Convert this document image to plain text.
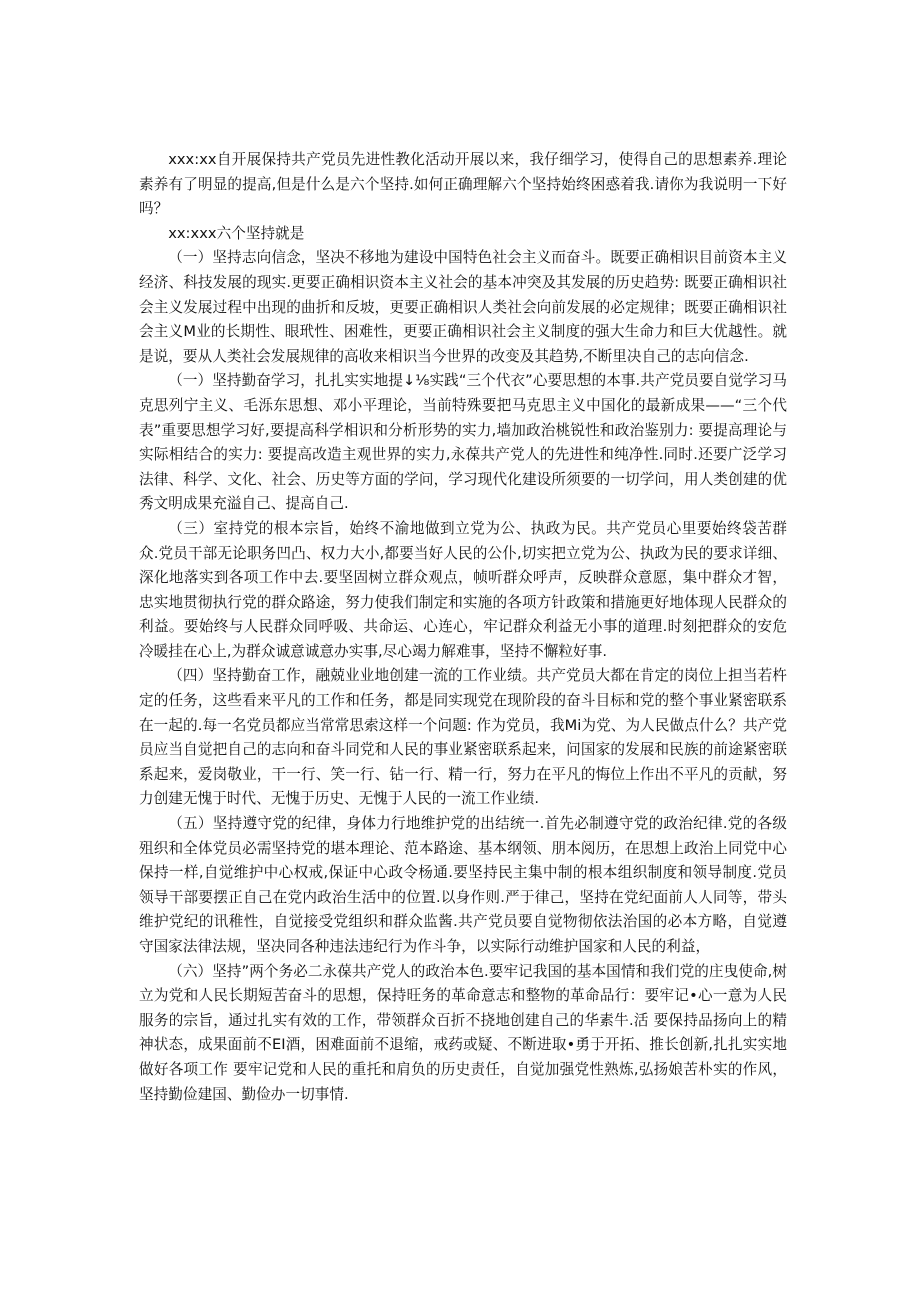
xxx:xx自开展保持共产党员先进性教化活动开展以来，我仔细学习，使得自己的思想素养.理论素养有了明显的提高,但是什么是六个坚持.如何正确理解六个坚持始终困惑着我.请你为我说明一下好吗？

xx:xxx六个坚持就是

（一）坚持志向信念，坚决不移地为建设中国特色社会主义而奋斗。既要正确相识目前资本主义经济、科技发展的现实.更要正确相识资本主义社会的基本冲突及其发展的历史趋势: 既要正确相识社会主义发展过程中出现的曲折和反坡，更要正确相识人类社会向前发展的必定规律；既要正确相识社会主义M业的长期性、眼玳性、困难性，更要正确相识社会主义制度的强大生命力和巨大优越性。就是说，要从人类社会发展规律的高收来相识当今世界的改变及其趋势,不断里决自己的志向信念.

（一）坚持勤奋学习，扎扎实实地提↓⅛实践“三个代衣”心要思想的本事.共产党员要自觉学习马克思列宁主义、毛泺东思想、邓小平理论，当前特殊要把马克思主义中国化的最新成果——“三个代表”重要思想学习好,要提高科学相识和分析形势的实力,墙加政治桃锐性和政治鉴别力: 要提高理论与实际相结合的实力: 要提高改造主观世界的实力,永葆共产党人的先进性和纯净性.同时.还要广泛学习法律、科学、文化、社会、历史等方面的学问，学习现代化建设所须要的一切学问，用人类创建的优秀文明成果充溢自己、提高自己.

（三）室持党的根本宗旨，始终不渝地做到立党为公、执政为民。共产党员心里要始终袋苦群众.党员干部无论职务凹凸、权力大小,都要当好人民的公仆,切实把立党为公、执政为民的要求详细、深化地落实到各项工作中去.要坚固树立群众观点，帧听群众呼声，反映群众意愿，集中群众才智，忠实地贯彻执行党的群众路途，努力使我们制定和实施的各项方针政策和措施更好地体现人民群众的利益。要始终与人民群众同呼吸、共命运、心连心，牢记群众利益无小事的道理.时刻把群众的安危冷暖挂在心上,为群众诚意诚意办实事,尽心竭力解难事，坚持不懈粒好事.

（四）坚持勤奋工作，融兢业业地创建一流的工作业绩。共产党员大都在肯定的岗位上担当若杵定的任务，这些看来平凡的工作和任务，都是同实现党在现阶段的奋斗目标和党的整个事业紧密联系在一起的.每一名党员都应当常常思索这样一个问题: 作为党员，我Mi为党、为人民做点什么？共产党员应当自觉把自己的志向和奋斗同党和人民的事业紧密联系起来，问国家的发展和民族的前途紧密联系起来，爱岗敬业，干一行、笑一行、钻一行、精一行，努力在平凡的悔位上作出不平凡的贡献，努力创建无愧于时代、无愧于历史、无愧于人民的一流工作业绩.

（五）坚持遵守党的纪律，身体力行地维护党的出结统一.首先必制遵守党的政治纪律.党的各级殂织和全体党员必需坚持党的堪本理论、范本路途、基本纲领、朋本阅历，在思想上政治上同党中心保持一样,自觉维护中心权戒,保证中心政令杨通.要坚持民主集中制的根本组织制度和领导制度.党员领导干部要摆正自己在党内政治生活中的位置.以身作则.严于律己，坚持在党纪面前人人同等，带头维护党纪的讯稚性，自觉接受党组织和群众监酱.共产党员要自觉物彻依法治国的必本方略，自觉遵守国家法律法规，坚决同各种违法违纪行为作斗争，以实际行动维护国家和人民的利益，

（六）坚持”两个务必二永葆共产党人的政治本色.要牢记我国的基本国情和我们党的庄曳使命,树立为党和人民长期短苦奋斗的思想，保持旺务的革命意志和整物的革命品行：要牢记•心一意为人民服务的宗旨，通过扎实有效的工作，带领群众百折不挠地创建自己的华素牛.活 要保持品扬向上的精神状态，成果面前不EI酒，困难面前不退缩，戒药或疑、不断进取•勇于开拓、推长创新,扎扎实实地做好各项工作 要牢记党和人民的重托和肩负的历史责任，自觉加强党性熟炼,弘扬娘苦朴实的作风，坚持勤俭建国、勤俭办一切事情.
